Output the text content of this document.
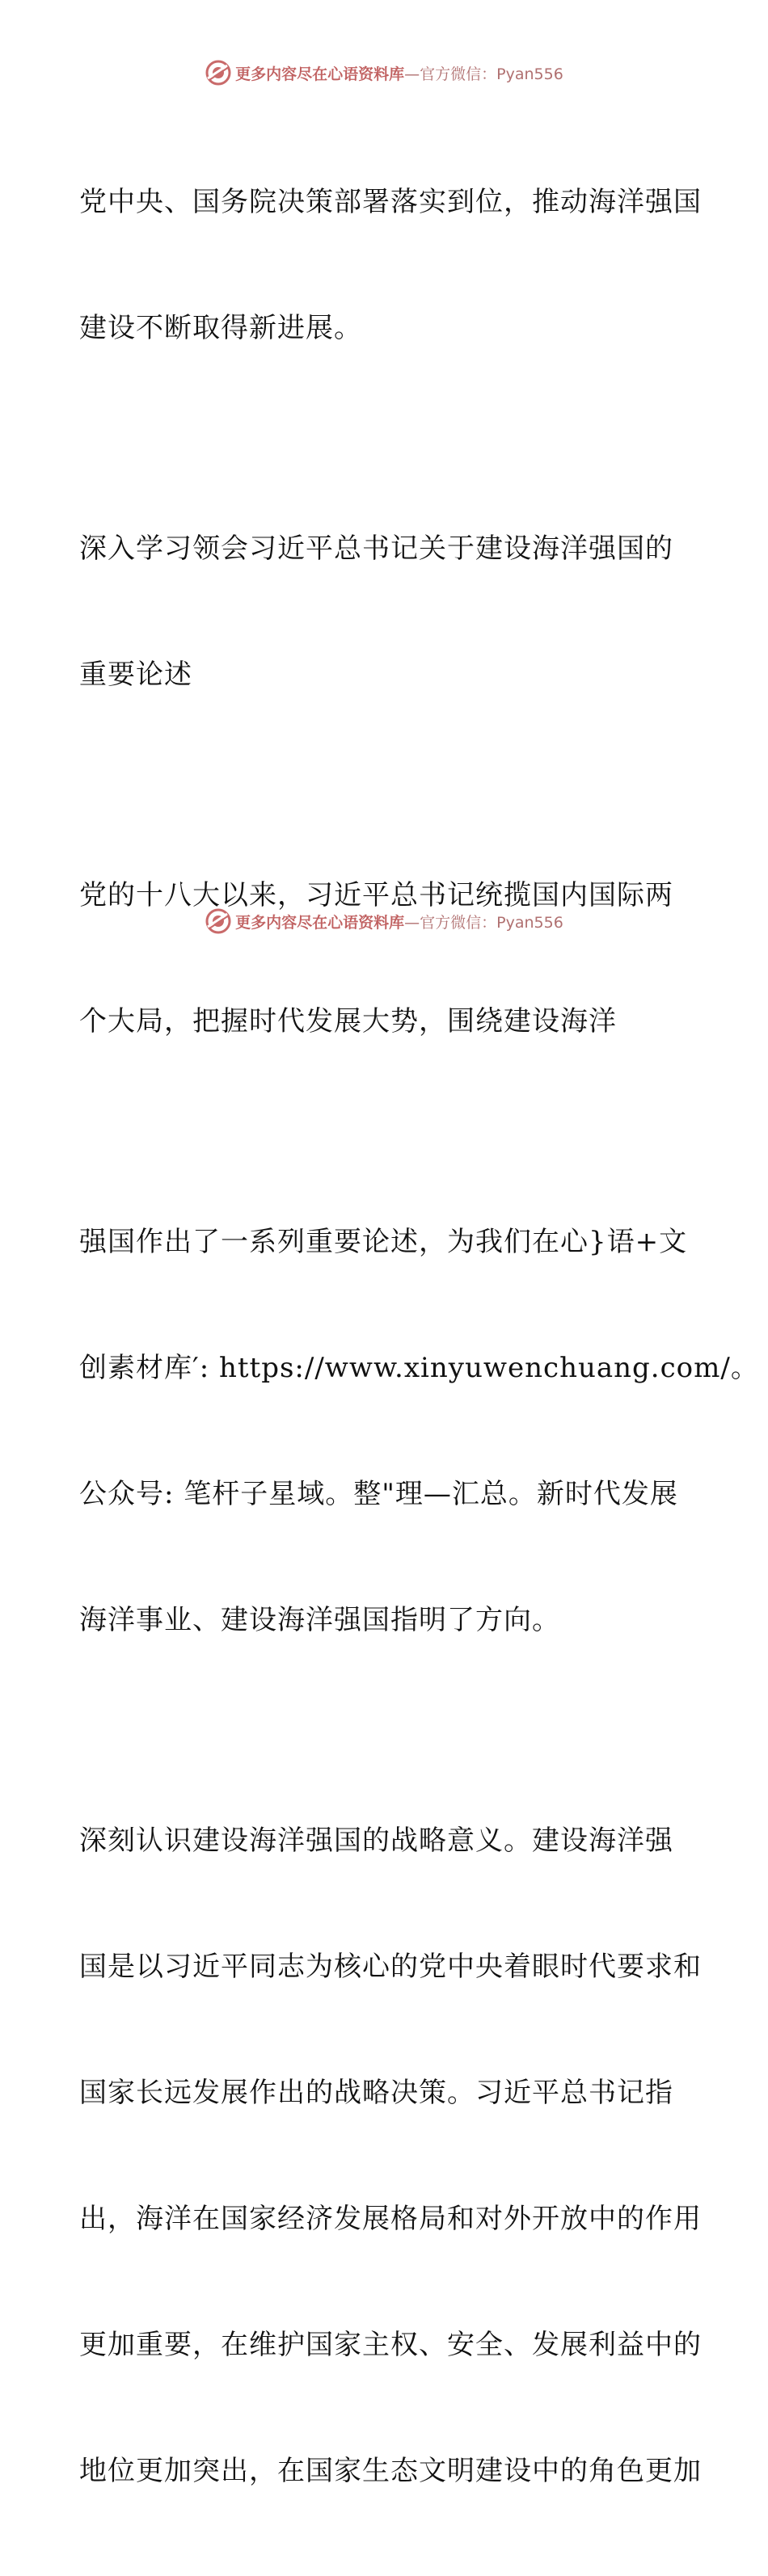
更多内容尽在心语资料库—官方微信：Pyan556

党中央、国务院决策部署落实到位，推动海洋强国

建设不断取得新进展。

深入学习领会习近平总书记关于建设海洋强国的

重要论述

党的十八大以来，习近平总书记统揽国内国际两

个大局，把握时代发展大势，围绕建设海洋

强国作出了一系列重要论述，为我们在心}语+文

创素材库′: https://www.xinyuwenchuang.com/。

公众号: 笔杆子星域。整"理—汇总。新时代发展

海洋事业、建设海洋强国指明了方向。

深刻认识建设海洋强国的战略意义。建设海洋强

国是以习近平同志为核心的党中央着眼时代要求和

国家长远发展作出的战略决策。习近平总书记指

出，海洋在国家经济发展格局和对外开放中的作用

更加重要，在维护国家主权、安全、发展利益中的

地位更加突出，在国家生态文明建设中的角色更加

更多内容尽在心语资料库—官方微信：Pyan556
